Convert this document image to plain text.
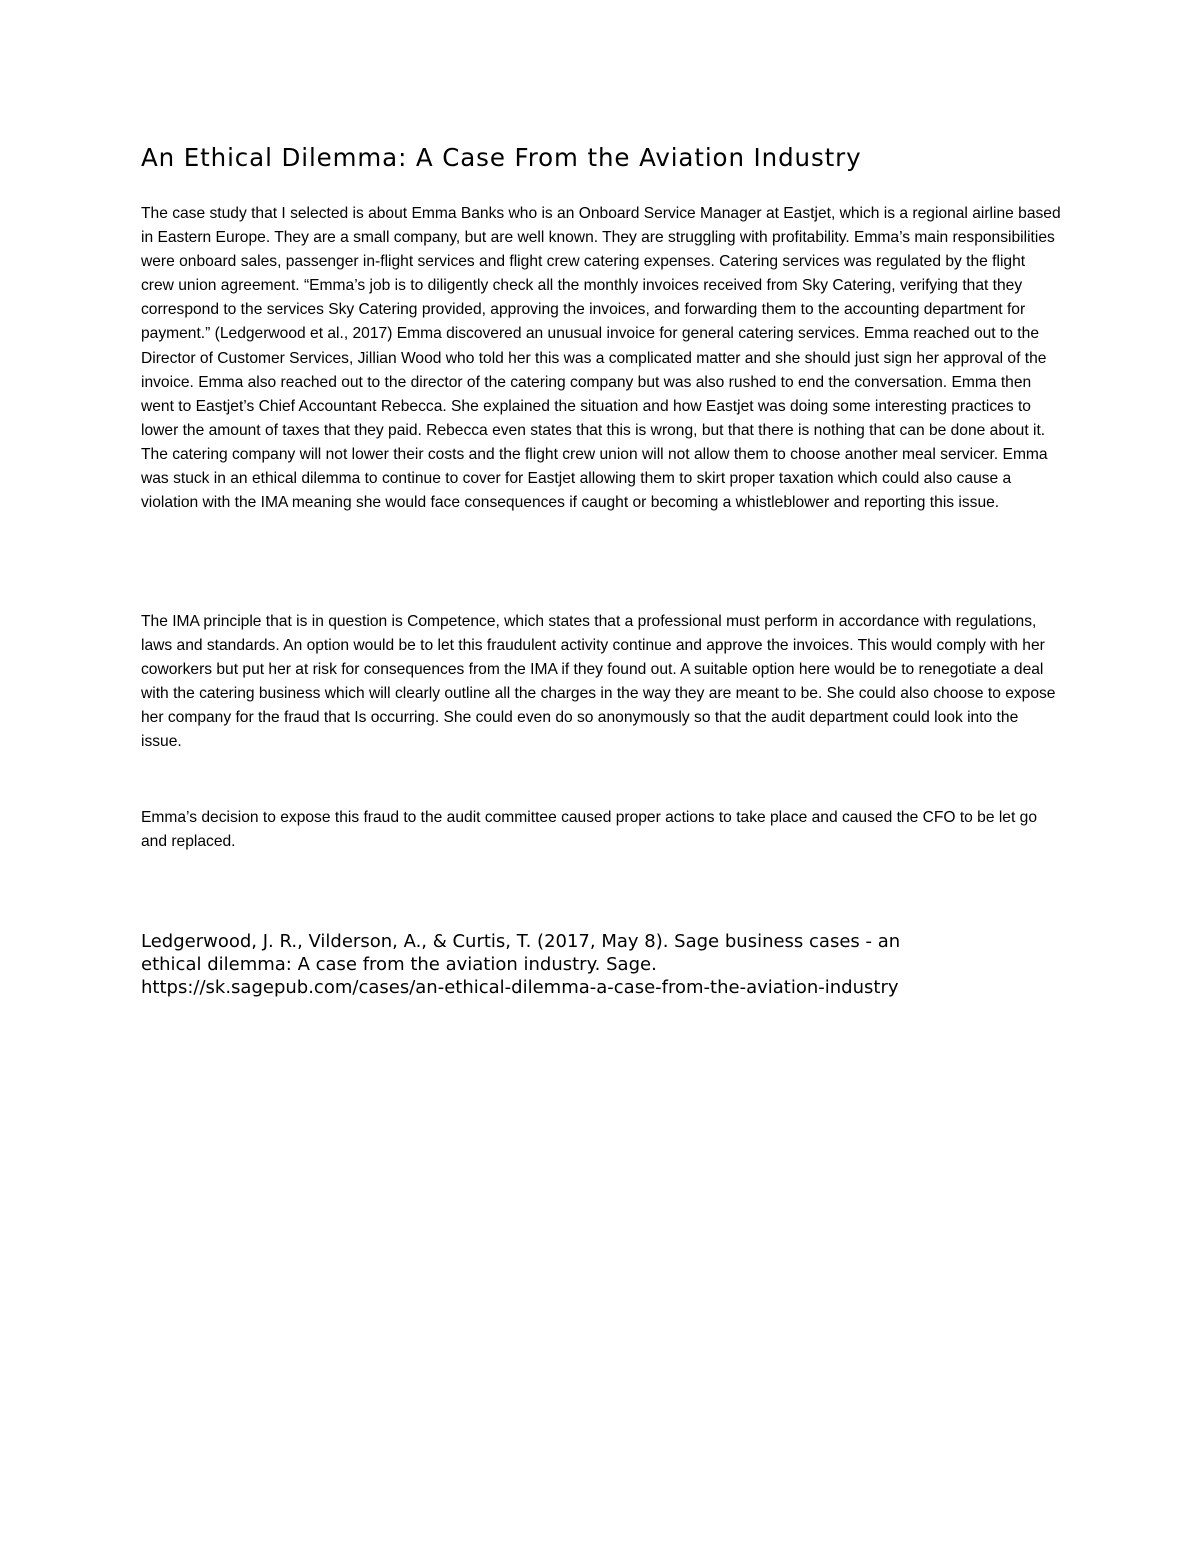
An Ethical Dilemma: A Case From the Aviation Industry

The case study that I selected is about Emma Banks who is an Onboard Service Manager at Eastjet, which is a regional airline based in Eastern Europe. They are a small company, but are well known. They are struggling with profitability. Emma’s main responsibilities were onboard sales, passenger in-flight services and flight crew catering expenses. Catering services was regulated by the flight crew union agreement. “Emma’s job is to diligently check all the monthly invoices received from Sky Catering, verifying that they correspond to the services Sky Catering provided, approving the invoices, and forwarding them to the accounting department for payment.” (Ledgerwood et al., 2017) Emma discovered an unusual invoice for general catering services. Emma reached out to the Director of Customer Services, Jillian Wood who told her this was a complicated matter and she should just sign her approval of the invoice. Emma also reached out to the director of the catering company but was also rushed to end the conversation. Emma then went to Eastjet’s Chief Accountant Rebecca. She explained the situation and how Eastjet was doing some interesting practices to lower the amount of taxes that they paid. Rebecca even states that this is wrong, but that there is nothing that can be done about it. The catering company will not lower their costs and the flight crew union will not allow them to choose another meal servicer. Emma was stuck in an ethical dilemma to continue to cover for Eastjet allowing them to skirt proper taxation which could also cause a violation with the IMA meaning she would face consequences if caught or becoming a whistleblower and reporting this issue.

The IMA principle that is in question is Competence, which states that a professional must perform in accordance with regulations, laws and standards. An option would be to let this fraudulent activity continue and approve the invoices. This would comply with her coworkers but put her at risk for consequences from the IMA if they found out. A suitable option here would be to renegotiate a deal with the catering business which will clearly outline all the charges in the way they are meant to be. She could also choose to expose her company for the fraud that Is occurring. She could even do so anonymously so that the audit department could look into the issue.

Emma’s decision to expose this fraud to the audit committee caused proper actions to take place and caused the CFO to be let go and replaced.

Ledgerwood, J. R., Vilderson, A., & Curtis, T. (2017, May 8). Sage business cases - an
ethical dilemma: A case from the aviation industry. Sage.
https://sk.sagepub.com/cases/an-ethical-dilemma-a-case-from-the-aviation-industry
